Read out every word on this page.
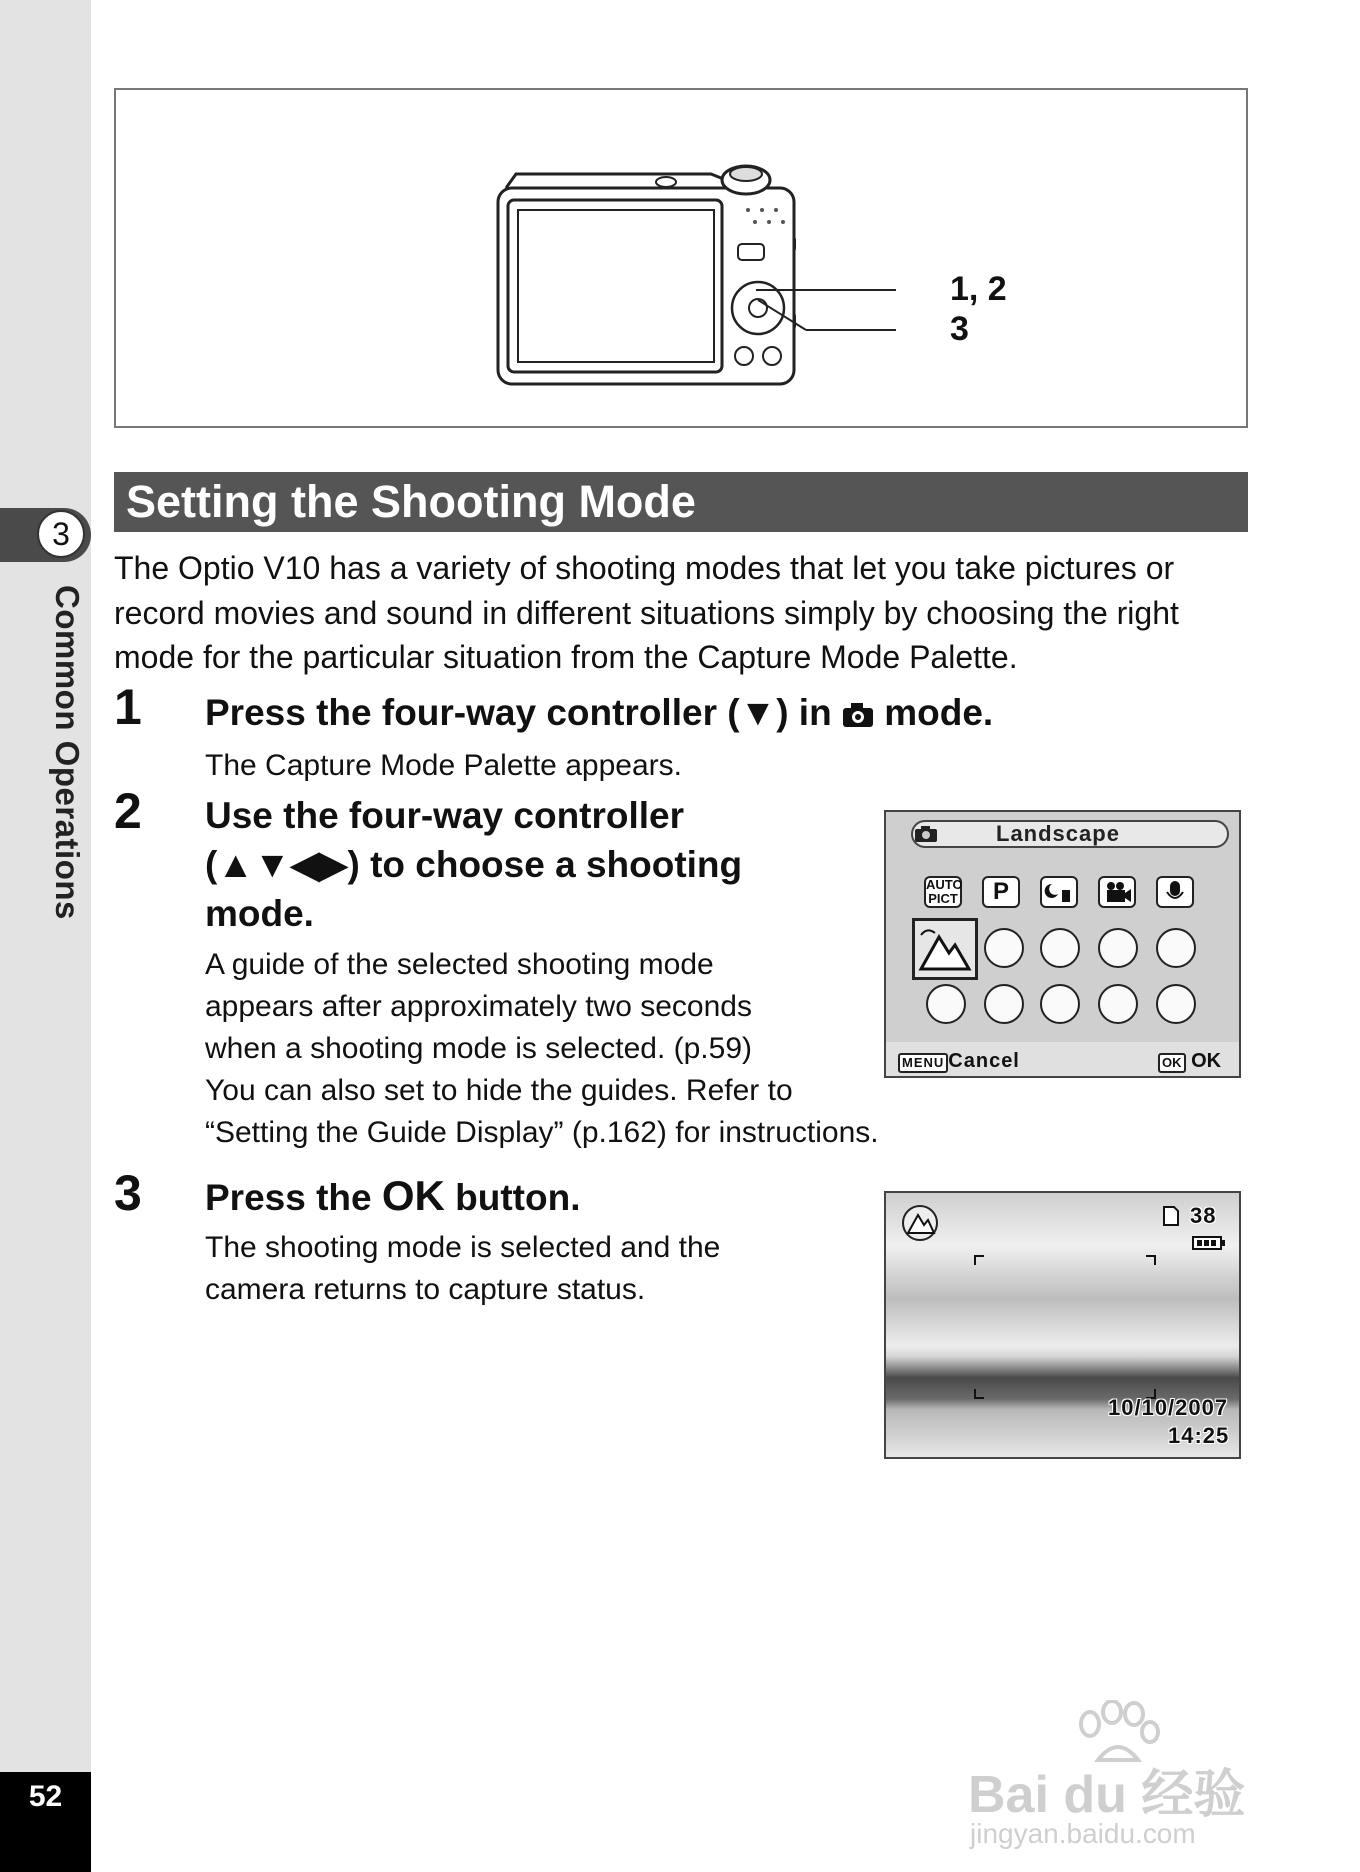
3
Common Operations
52
1, 2
3
Setting the Shooting Mode
The Optio V10 has a variety of shooting modes that let you take pictures or record movies and sound in different situations simply by choosing the right mode for the particular situation from the Capture Mode Palette.
1 Press the four-way controller (▼) in  mode.
The Capture Mode Palette appears.
2 Use the four-way controller
(▲▼◀▶) to choose a shooting
mode.
A guide of the selected shooting mode
appears after approximately two seconds
when a shooting mode is selected. (p.59)
You can also set to hide the guides. Refer to
“Setting the Guide Display” (p.162) for instructions.
Landscape
AUTO
PICT	P
MENU Cancel	OK OK
3 Press the OK button.
The shooting mode is selected and the
camera returns to capture status.
38
10/10/2007
14:25
Bai du 经验
jingyan.baidu.com
